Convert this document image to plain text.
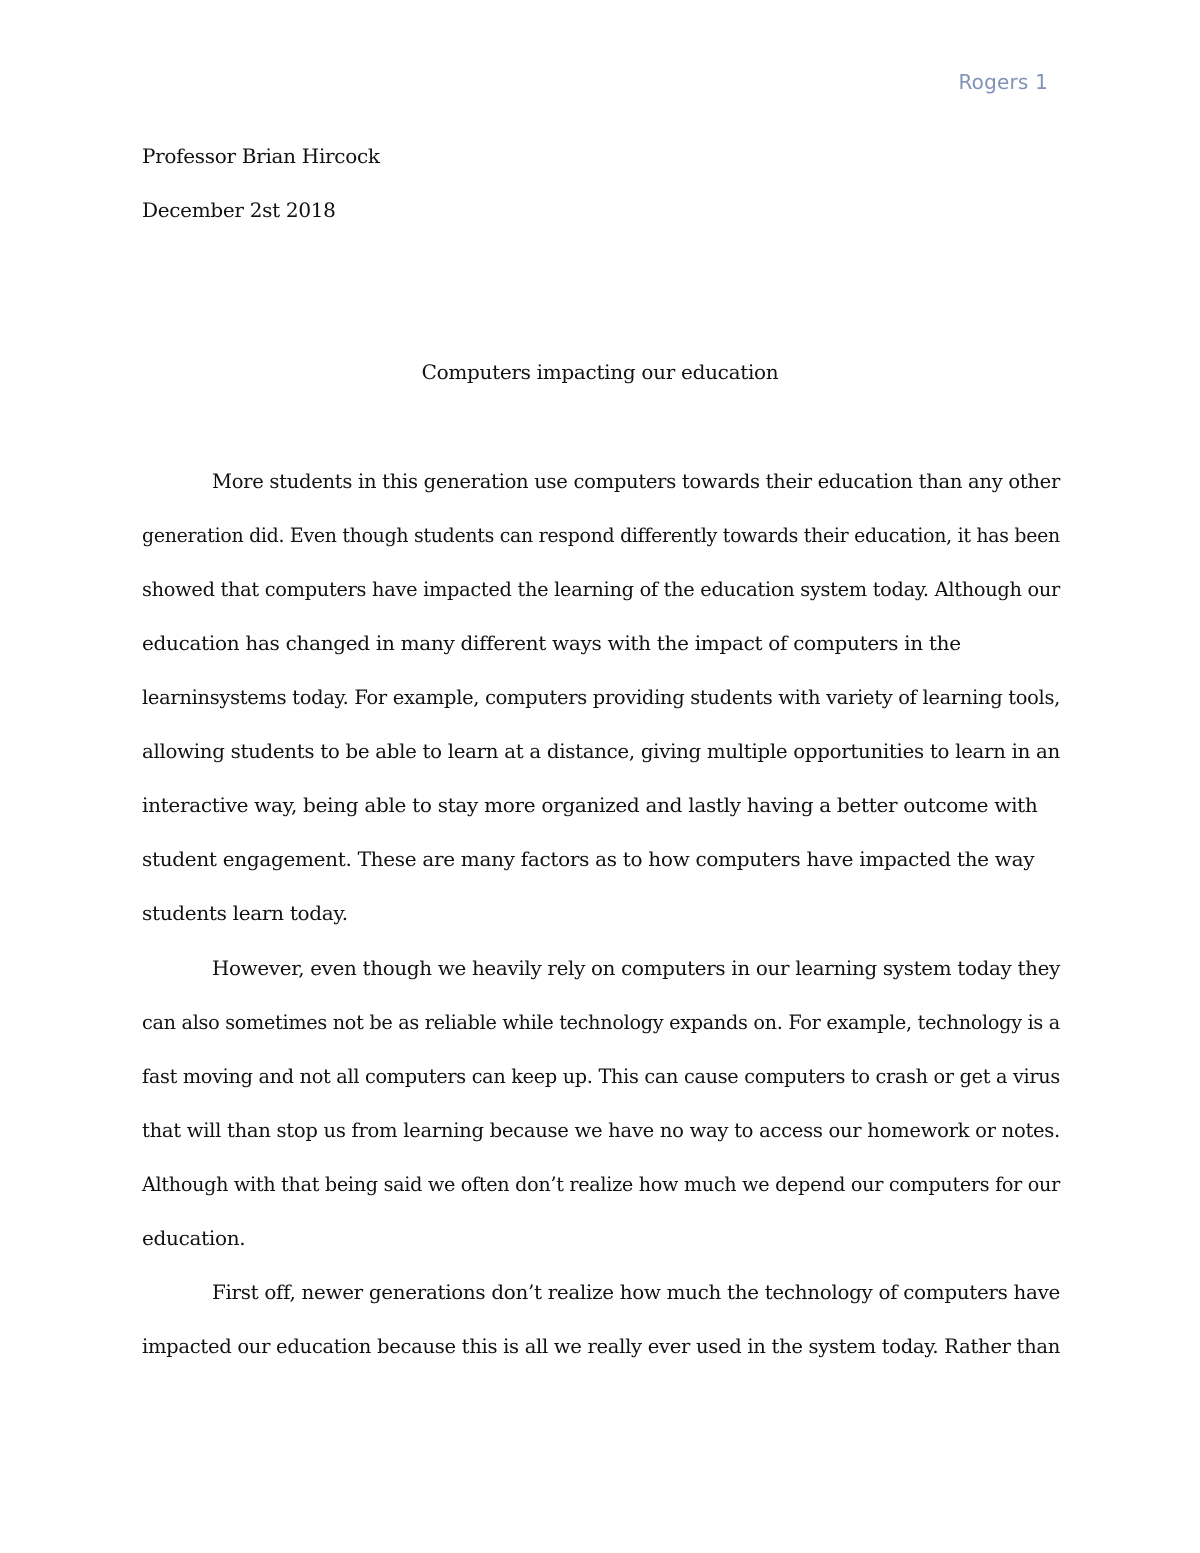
Rogers 1
Professor Brian Hircock
December 2st 2018
Computers impacting our education
More students in this generation use computers towards their education than any other
generation did. Even though students can respond differently towards their education, it has been
showed that computers have impacted the learning of the education system today. Although our
education has changed in many different ways with the impact of computers in the
learninsystems today. For example, computers providing students with variety of learning tools,
allowing students to be able to learn at a distance, giving multiple opportunities to learn in an
interactive way, being able to stay more organized and lastly having a better outcome with
student engagement. These are many factors as to how computers have impacted the way
students learn today.
However, even though we heavily rely on computers in our learning system today they
can also sometimes not be as reliable while technology expands on. For example, technology is a
fast moving and not all computers can keep up. This can cause computers to crash or get a virus
that will than stop us from learning because we have no way to access our homework or notes.
Although with that being said we often don’t realize how much we depend our computers for our
education.
First off, newer generations don’t realize how much the technology of computers have
impacted our education because this is all we really ever used in the system today. Rather than
